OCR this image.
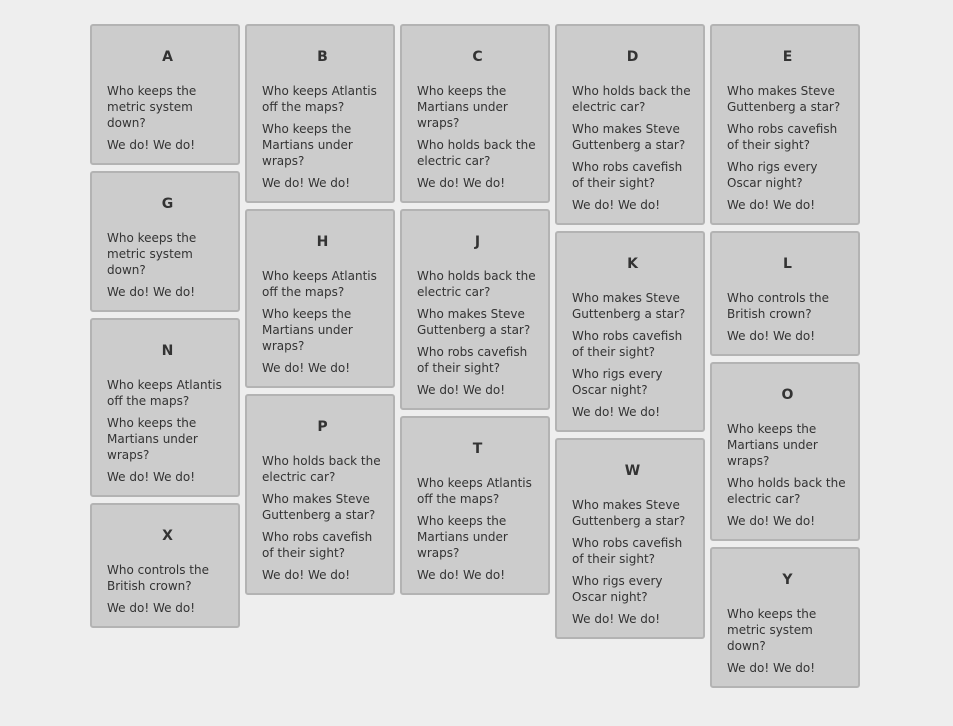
A

Who keeps the metric system down?

We do! We do!

G

Who keeps the metric system down?

We do! We do!

N

Who keeps Atlantis off the maps?

Who keeps the Martians under wraps?

We do! We do!

X

Who controls the British crown?

We do! We do!

B

Who keeps Atlantis off the maps?

Who keeps the Martians under wraps?

We do! We do!

H

Who keeps Atlantis off the maps?

Who keeps the Martians under wraps?

We do! We do!

P

Who holds back the electric car?

Who makes Steve Guttenberg a star?

Who robs cavefish of their sight?

We do! We do!

C

Who keeps the Martians under wraps?

Who holds back the electric car?

We do! We do!

J

Who holds back the electric car?

Who makes Steve Guttenberg a star?

Who robs cavefish of their sight?

We do! We do!

T

Who keeps Atlantis off the maps?

Who keeps the Martians under wraps?

We do! We do!

D

Who holds back the electric car?

Who makes Steve Guttenberg a star?

Who robs cavefish of their sight?

We do! We do!

K

Who makes Steve Guttenberg a star?

Who robs cavefish of their sight?

Who rigs every Oscar night?

We do! We do!

W

Who makes Steve Guttenberg a star?

Who robs cavefish of their sight?

Who rigs every Oscar night?

We do! We do!

E

Who makes Steve Guttenberg a star?

Who robs cavefish of their sight?

Who rigs every Oscar night?

We do! We do!

L

Who controls the British crown?

We do! We do!

O

Who keeps the Martians under wraps?

Who holds back the electric car?

We do! We do!

Y

Who keeps the metric system down?

We do! We do!
